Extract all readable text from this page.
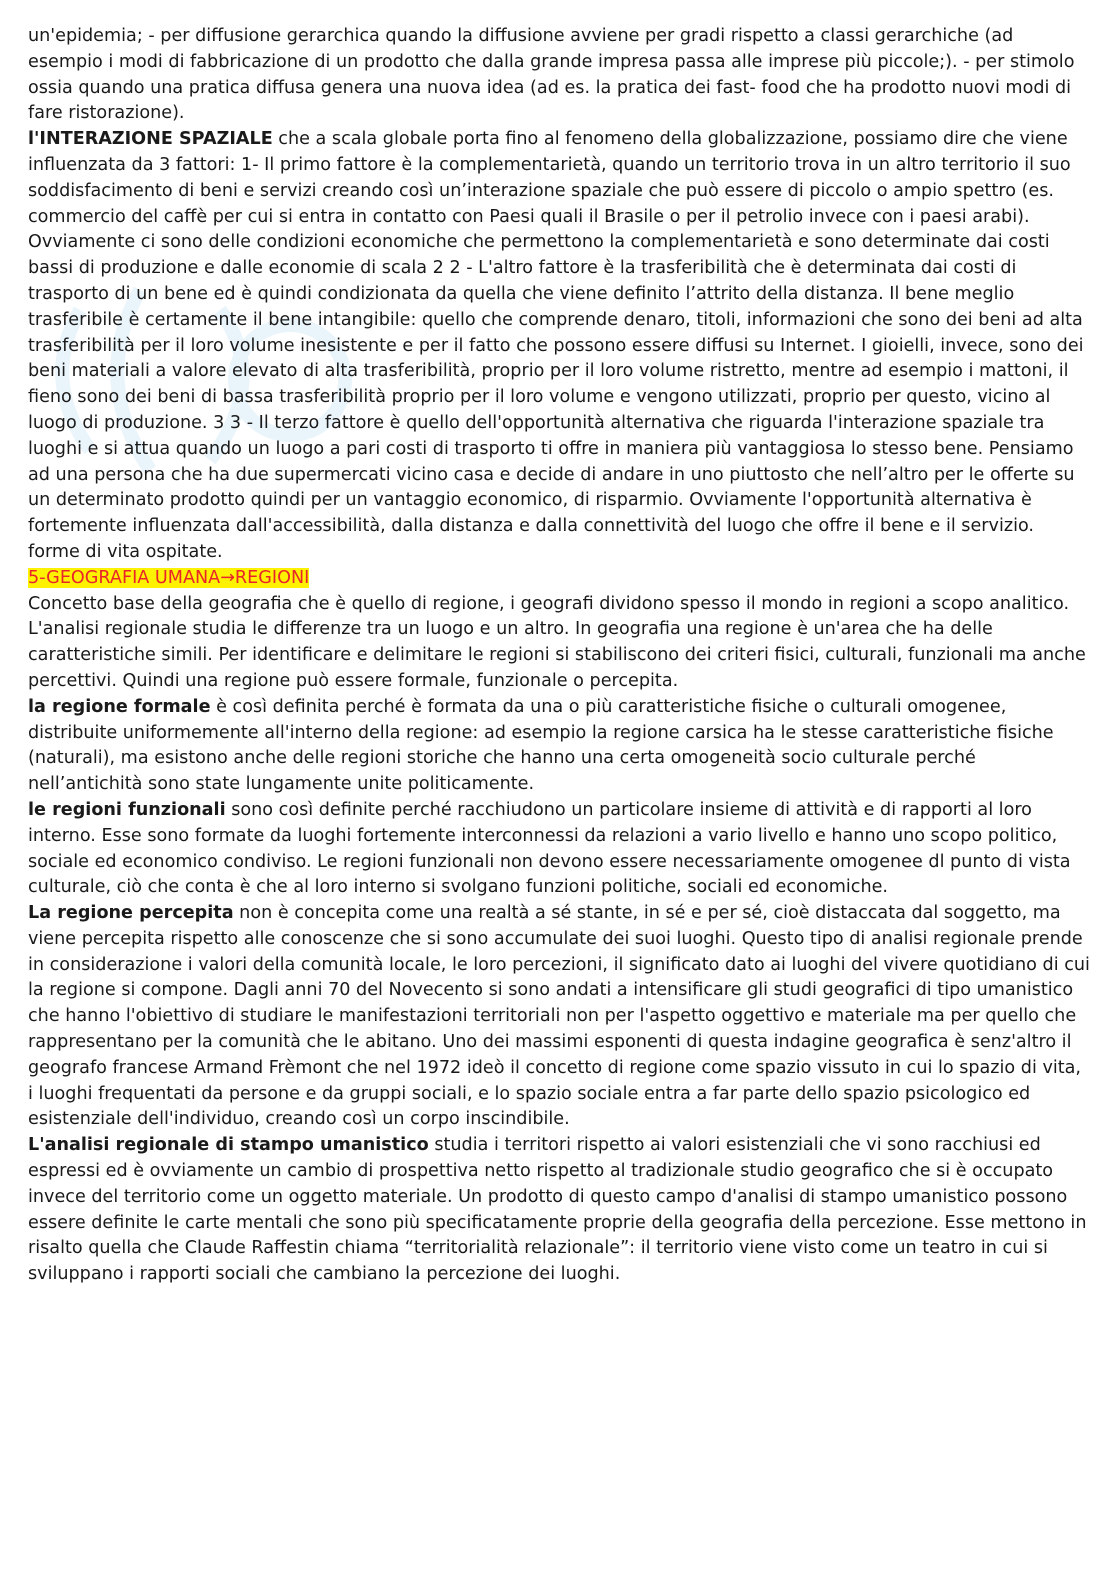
un'epidemia; - per diffusione gerarchica quando la diffusione avviene per gradi rispetto a classi gerarchiche (ad esempio i modi di fabbricazione di un prodotto che dalla grande impresa passa alle imprese più piccole;). - per stimolo ossia quando una pratica diffusa genera una nuova idea (ad es. la pratica dei fast- food che ha prodotto nuovi modi di fare ristorazione).

l'INTERAZIONE SPAZIALE che a scala globale porta fino al fenomeno della globalizzazione, possiamo dire che viene influenzata da 3 fattori: 1- Il primo fattore è la complementarietà, quando un territorio trova in un altro territorio il suo soddisfacimento di beni e servizi creando così un’interazione spaziale che può essere di piccolo o ampio spettro (es. commercio del caffè per cui si entra in contatto con Paesi quali il Brasile o per il petrolio invece con i paesi arabi). Ovviamente ci sono delle condizioni economiche che permettono la complementarietà e sono determinate dai costi bassi di produzione e dalle economie di scala 2 2 - L'altro fattore è la trasferibilità che è determinata dai costi di trasporto di un bene ed è quindi condizionata da quella che viene definito l’attrito della distanza. Il bene meglio trasferibile è certamente il bene intangibile: quello che comprende denaro, titoli, informazioni che sono dei beni ad alta trasferibilità per il loro volume inesistente e per il fatto che possono essere diffusi su Internet. I gioielli, invece, sono dei beni materiali a valore elevato di alta trasferibilità, proprio per il loro volume ristretto, mentre ad esempio i mattoni, il fieno sono dei beni di bassa trasferibilità proprio per il loro volume e vengono utilizzati, proprio per questo, vicino al luogo di produzione. 3 3 - Il terzo fattore è quello dell'opportunità alternativa che riguarda l'interazione spaziale tra luoghi e si attua quando un luogo a pari costi di trasporto ti offre in maniera più vantaggiosa lo stesso bene. Pensiamo ad una persona che ha due supermercati vicino casa e decide di andare in uno piuttosto che nell’altro per le offerte su un determinato prodotto quindi per un vantaggio economico, di risparmio. Ovviamente l'opportunità alternativa è fortemente influenzata dall'accessibilità, dalla distanza e dalla connettività del luogo che offre il bene e il servizio.

forme di vita ospitate.

5-GEOGRAFIA UMANA→REGIONI

Concetto base della geografia che è quello di regione, i geografi dividono spesso il mondo in regioni a scopo analitico. L'analisi regionale studia le differenze tra un luogo e un altro. In geografia una regione è un'area che ha delle caratteristiche simili. Per identificare e delimitare le regioni si stabiliscono dei criteri fisici, culturali, funzionali ma anche percettivi. Quindi una regione può essere formale, funzionale o percepita.

la regione formale è così definita perché è formata da una o più caratteristiche fisiche o culturali omogenee, distribuite uniformemente all'interno della regione: ad esempio la regione carsica ha le stesse caratteristiche fisiche (naturali), ma esistono anche delle regioni storiche che hanno una certa omogeneità socio culturale perché nell’antichità sono state lungamente unite politicamente.

le regioni funzionali sono così definite perché racchiudono un particolare insieme di attività e di rapporti al loro interno. Esse sono formate da luoghi fortemente interconnessi da relazioni a vario livello e hanno uno scopo politico, sociale ed economico condiviso. Le regioni funzionali non devono essere necessariamente omogenee dl punto di vista culturale, ciò che conta è che al loro interno si svolgano funzioni politiche, sociali ed economiche.

La regione percepita non è concepita come una realtà a sé stante, in sé e per sé, cioè distaccata dal soggetto, ma viene percepita rispetto alle conoscenze che si sono accumulate dei suoi luoghi. Questo tipo di analisi regionale prende in considerazione i valori della comunità locale, le loro percezioni, il significato dato ai luoghi del vivere quotidiano di cui la regione si compone. Dagli anni 70 del Novecento si sono andati a intensificare gli studi geografici di tipo umanistico che hanno l'obiettivo di studiare le manifestazioni territoriali non per l'aspetto oggettivo e materiale ma per quello che rappresentano per la comunità che le abitano. Uno dei massimi esponenti di questa indagine geografica è senz'altro il geografo francese Armand Frèmont che nel 1972 ideò il concetto di regione come spazio vissuto in cui lo spazio di vita, i luoghi frequentati da persone e da gruppi sociali, e lo spazio sociale entra a far parte dello spazio psicologico ed esistenziale dell'individuo, creando così un corpo inscindibile.

L'analisi regionale di stampo umanistico studia i territori rispetto ai valori esistenziali che vi sono racchiusi ed espressi ed è ovviamente un cambio di prospettiva netto rispetto al tradizionale studio geografico che si è occupato invece del territorio come un oggetto materiale. Un prodotto di questo campo d'analisi di stampo umanistico possono essere definite le carte mentali che sono più specificatamente proprie della geografia della percezione. Esse mettono in risalto quella che Claude Raffestin chiama “territorialità relazionale”: il territorio viene visto come un teatro in cui si sviluppano i rapporti sociali che cambiano la percezione dei luoghi.
